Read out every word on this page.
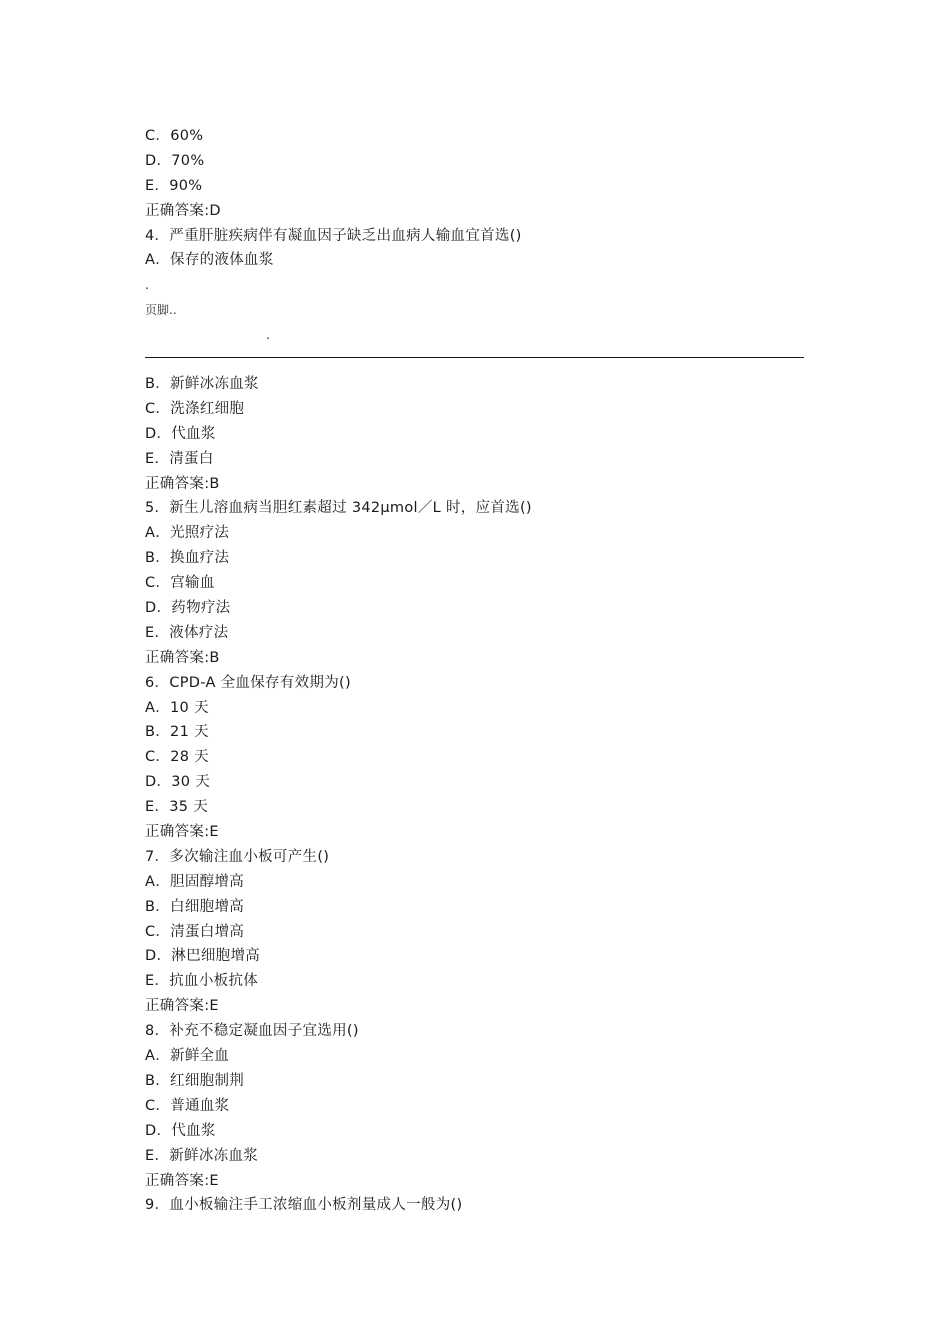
C．60%
D．70%
E．90%
正确答案:D
4．严重肝脏疾病伴有凝血因子缺乏出血病人输血宜首选()
A．保存的液体血浆
.
页脚..
.
B．新鲜冰冻血浆
C．洗涤红细胞
D．代血浆
E．清蛋白
正确答案:B
5．新生儿溶血病当胆红素超过 342μmol／L 时，应首选()
A．光照疗法
B．换血疗法
C．宫输血
D．药物疗法
E．液体疗法
正确答案:B
6．CPD-A 全血保存有效期为()
A．10 天
B．21 天
C．28 天
D．30 天
E．35 天
正确答案:E
7．多次输注血小板可产生()
A．胆固醇增高
B．白细胞增高
C．清蛋白增高
D．淋巴细胞增高
E．抗血小板抗体
正确答案:E
8．补充不稳定凝血因子宜选用()
A．新鲜全血
B．红细胞制荆
C．普通血浆
D．代血浆
E．新鲜冰冻血浆
正确答案:E
9．血小板输注手工浓缩血小板剂量成人一般为()
